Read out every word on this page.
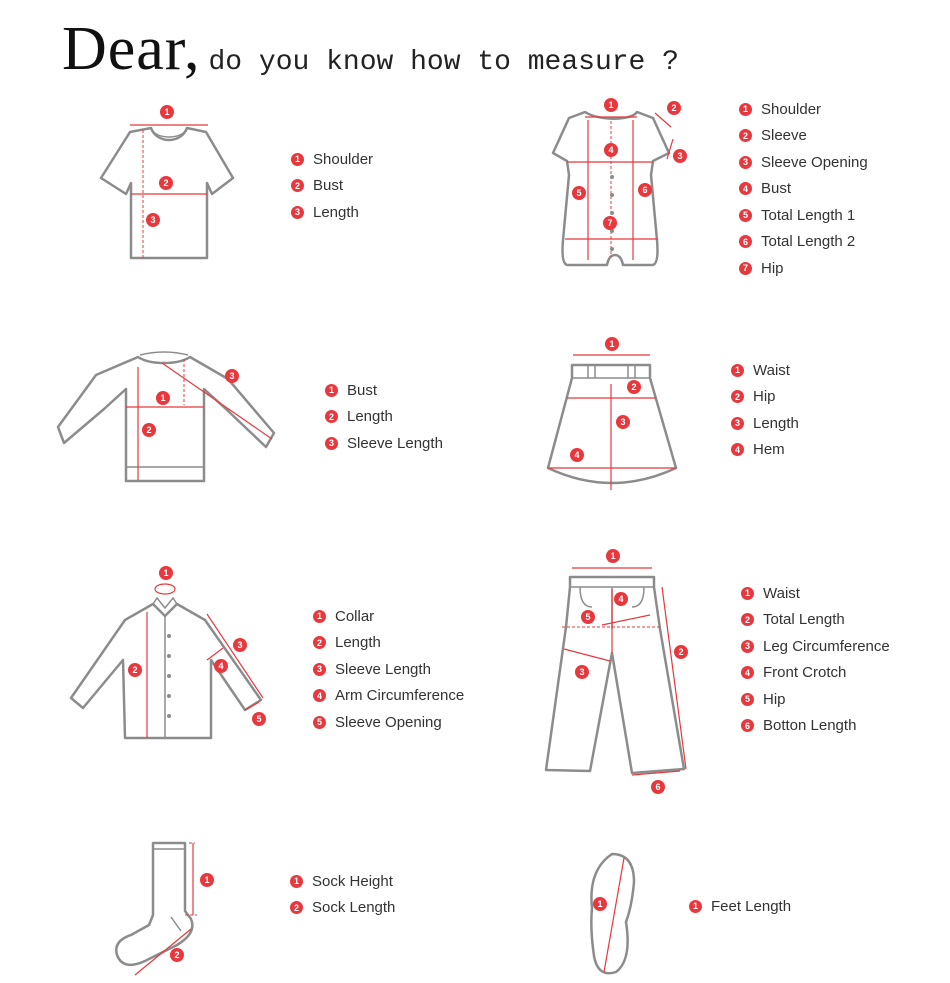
Dear, do you know how to measure ?
1
2
3
1 Shoulder
2 Bust
3 Length
1	2
3
4
5	6
7
1 Shoulder
2 Sleeve
3 Sleeve Opening
4 Bust
5 Total Length 1
6 Total Length 2
7 Hip
3
1
2
1 Bust
2 Length
3 Sleeve Length
1
2
3
4
1 Waist
2 Hip
3 Length
4 Hem
1
2
3
4
5
1 Collar
2 Length
3 Sleeve Length
4 Arm Circumference
5 Sleeve Opening
1
2
3
4
5
6
1 Waist
2 Total Length
3 Leg Circumference
4 Front Crotch
5 Hip
6 Botton Length
1
2
1 Sock Height
2 Sock Length	1	1 Feet Length
